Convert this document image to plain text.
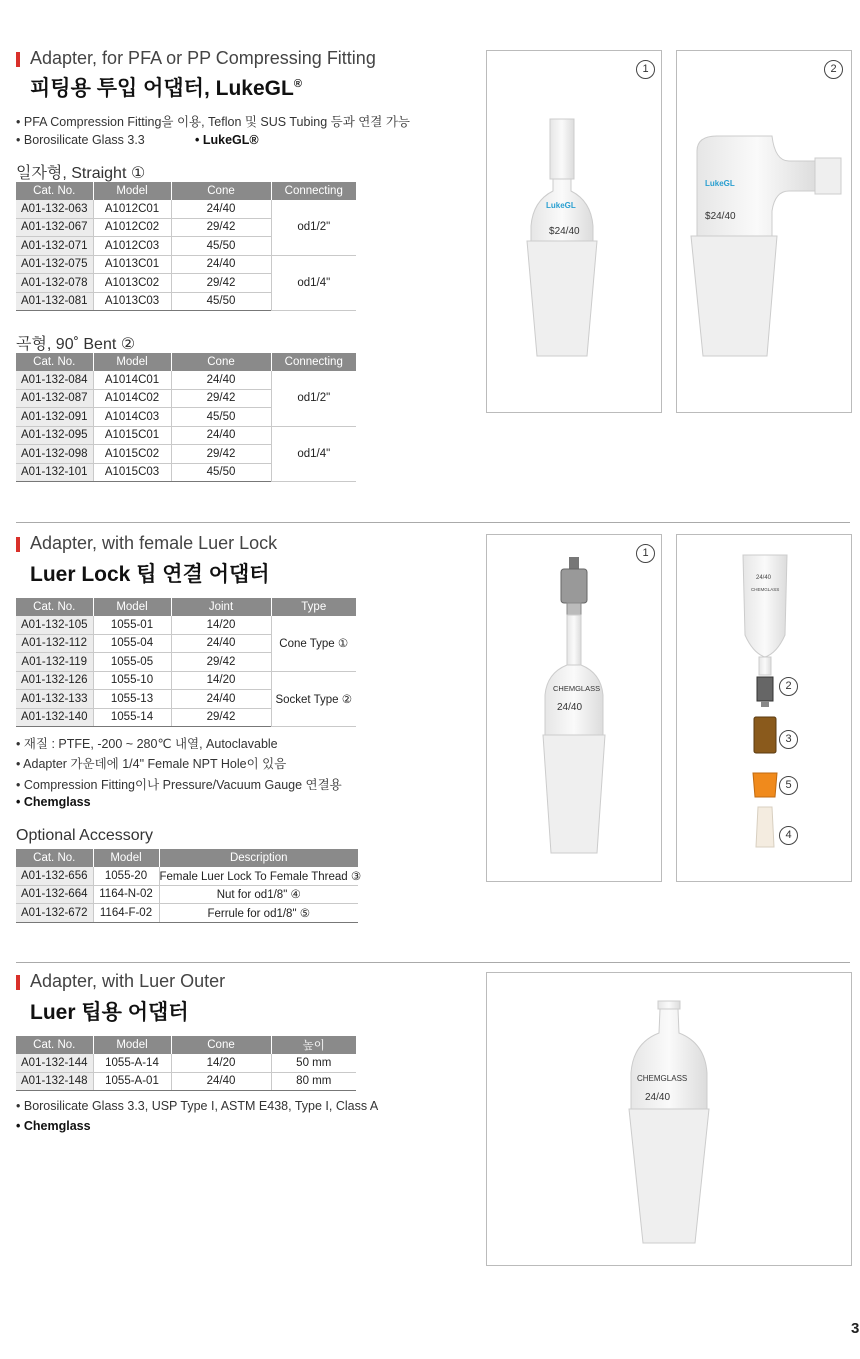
Adapter, for PFA or PP Compressing Fitting
피팅용 투입 어댑터, LukeGL®
• PFA Compression Fitting을 이용, Teflon 및 SUS Tubing 등과 연결 가능
• Borosilicate Glass 3.3	• LukeGL®
일자형, Straight ①
Cat. No.	Model	Cone	Connecting
A01-132-063	A1012C01	24/40	od1/2"
A01-132-067	A1012C02	29/42	
A01-132-071	A1012C03	45/50	
A01-132-075	A1013C01	24/40	od1/4"
A01-132-078	A1013C02	29/42	
A01-132-081	A1013C03	45/50	
곡형, 90˚ Bent ②
Cat. No.	Model	Cone	Connecting
A01-132-084	A1014C01	24/40	od1/2"
A01-132-087	A1014C02	29/42	
A01-132-091	A1014C03	45/50	
A01-132-095	A1015C01	24/40	od1/4"
A01-132-098	A1015C02	29/42	
A01-132-101	A1015C03	45/50	
1
LukeGL
$24/40
2
LukeGL
$24/40
Adapter, with female Luer Lock
Luer Lock 팁 연결 어댑터
Cat. No.	Model	Joint	Type
A01-132-105	1055-01	14/20	Cone Type ①
A01-132-112	1055-04	24/40	
A01-132-119	1055-05	29/42	
A01-132-126	1055-10	14/20	Socket Type ②
A01-132-133	1055-13	24/40	
A01-132-140	1055-14	29/42	
• 재질 : PTFE, -200 ~ 280℃ 내열, Autoclavable
• Adapter 가운데에 1/4" Female NPT Hole이 있음
• Compression Fitting이나 Pressure/Vacuum Gauge 연결용
• Chemglass
Optional Accessory
Cat. No.	Model	Description
A01-132-656	1055-20	Female Luer Lock To Female Thread ③
A01-132-664	1164-N-02	Nut for od1/8" ④
A01-132-672	1164-F-02	Ferrule for od1/8" ⑤
1
CHEMGLASS
24/40
2
3
5
4
24/40
CHEMGLASS
Adapter, with Luer Outer
Luer 팁용 어댑터
Cat. No.	Model	Cone	높이
A01-132-144	1055-A-14	14/20	50 mm
A01-132-148	1055-A-01	24/40	80 mm
• Borosilicate Glass 3.3, USP Type I, ASTM E438, Type I, Class A
• Chemglass
CHEMGLASS
24/40
3
